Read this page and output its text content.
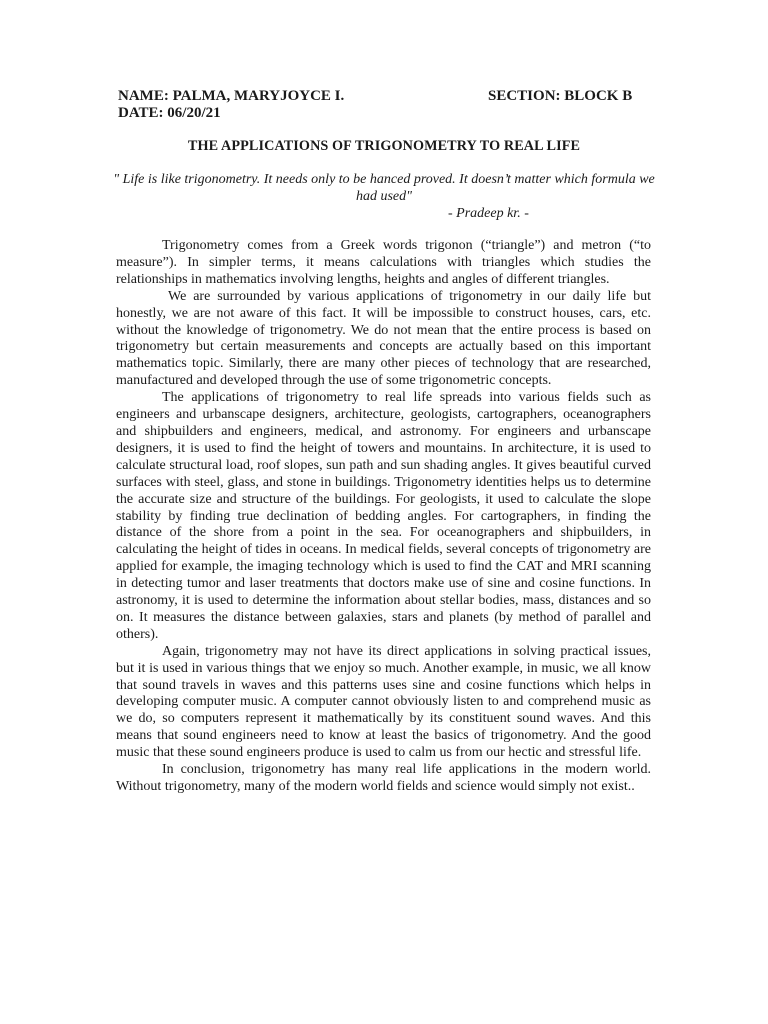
NAME: PALMA, MARYJOYCE I.	SECTION: BLOCK B
DATE: 06/20/21
THE APPLICATIONS OF TRIGONOMETRY TO REAL LIFE
" Life is like trigonometry. It needs only to be hanced proved. It doesn’t matter which formula we had used"
- Pradeep kr. -

Trigonometry comes from a Greek words trigonon (“triangle”) and metron (“to measure”). In simpler terms, it means calculations with triangles which studies the relationships in mathematics involving lengths, heights and angles of different triangles.

We are surrounded by various applications of trigonometry in our daily life but honestly, we are not aware of this fact. It will be impossible to construct houses, cars, etc. without the knowledge of trigonometry. We do not mean that the entire process is based on trigonometry but certain measurements and concepts are actually based on this important mathematics topic. Similarly, there are many other pieces of technology that are researched, manufactured and developed through the use of some trigonometric concepts.

The applications of trigonometry to real life spreads into various fields such as engineers and urbanscape designers, architecture, geologists, cartographers, oceanographers and shipbuilders and engineers, medical, and astronomy. For engineers and urbanscape designers, it is used to find the height of towers and mountains. In architecture, it is used to calculate structural load, roof slopes, sun path and sun shading angles. It gives beautiful curved surfaces with steel, glass, and stone in buildings. Trigonometry identities helps us to determine the accurate size and structure of the buildings. For geologists, it used to calculate the slope stability by finding true declination of bedding angles. For cartographers, in finding the distance of the shore from a point in the sea. For oceanographers and shipbuilders, in calculating the height of tides in oceans. In medical fields, several concepts of trigonometry are applied for example, the imaging technology which is used to find the CAT and MRI scanning in detecting tumor and laser treatments that doctors make use of sine and cosine functions. In astronomy, it is used to determine the information about stellar bodies, mass, distances and so on. It measures the distance between galaxies, stars and planets (by method of parallel and others).

Again, trigonometry may not have its direct applications in solving practical issues, but it is used in various things that we enjoy so much. Another example, in music, we all know that sound travels in waves and this patterns uses sine and cosine functions which helps in developing computer music. A computer cannot obviously listen to and comprehend music as we do, so computers represent it mathematically by its constituent sound waves. And this means that sound engineers need to know at least the basics of trigonometry. And the good music that these sound engineers produce is used to calm us from our hectic and stressful life.

In conclusion, trigonometry has many real life applications in the modern world. Without trigonometry, many of the modern world fields and science would simply not exist..
